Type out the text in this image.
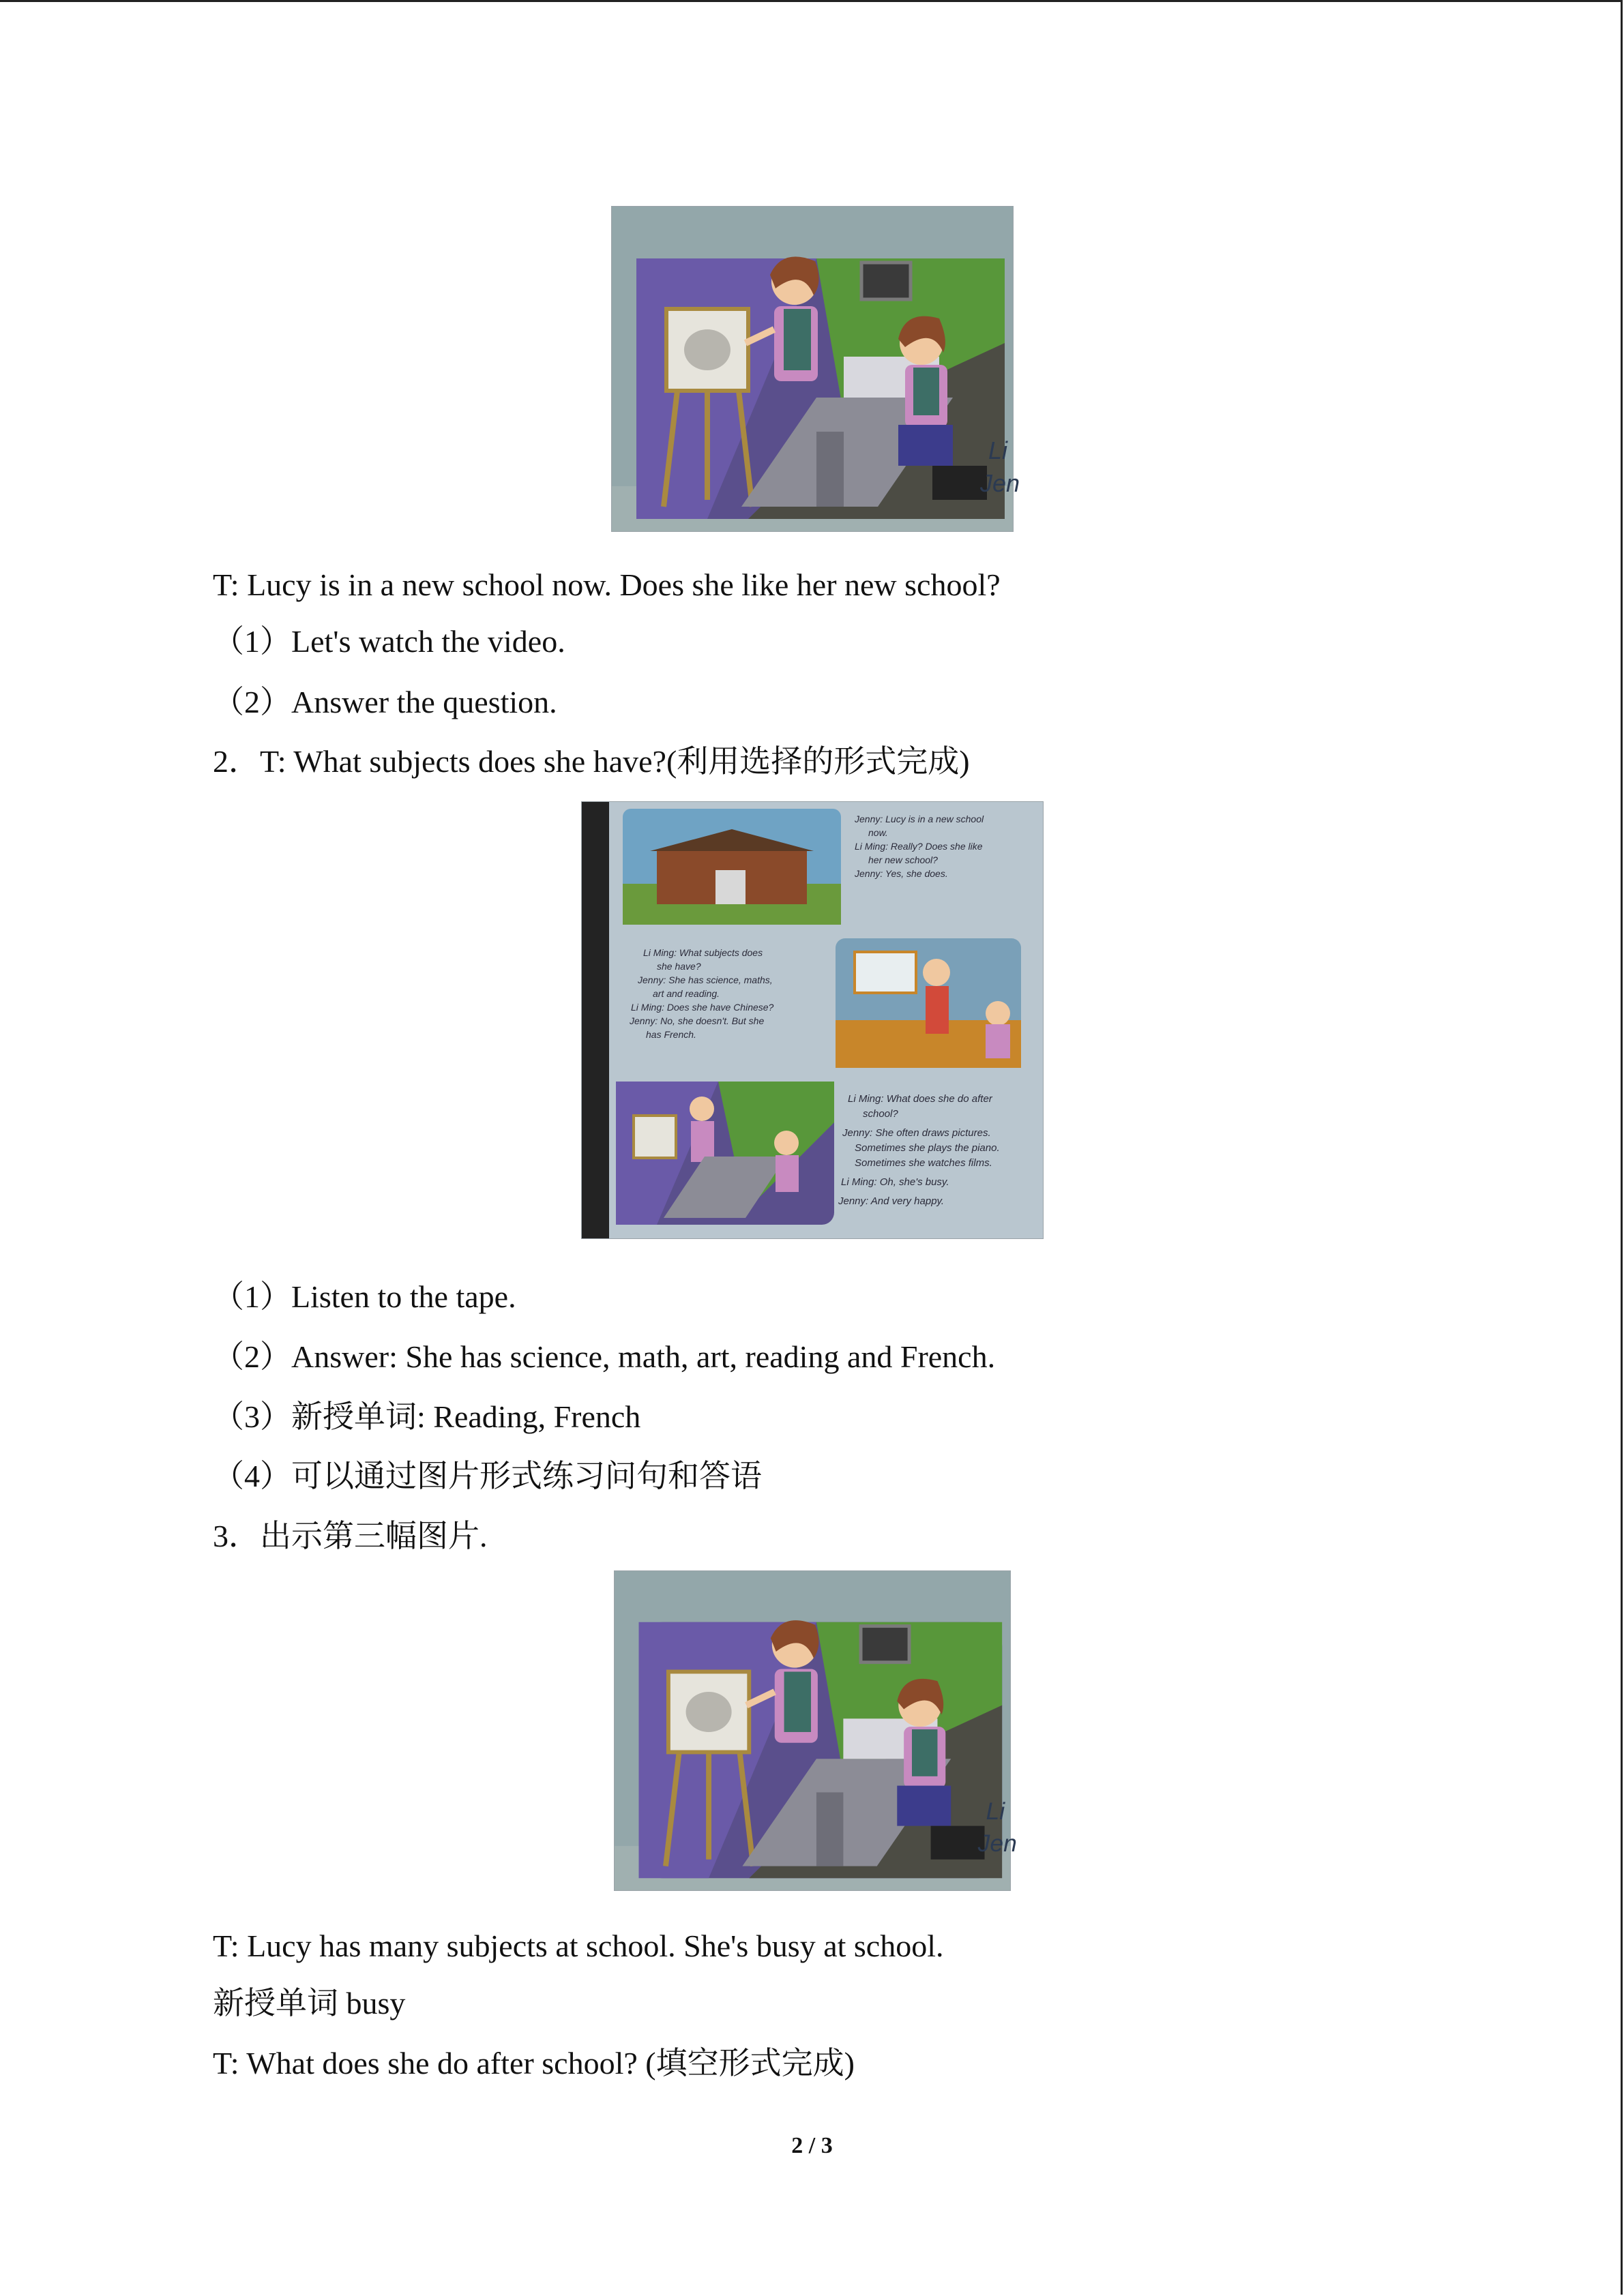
Li
Jen
T: Lucy is in a new school now. Does she like her new school?
（1）Let's watch the video.
（2）Answer the question.
2．T: What subjects does she have?(利用选择的形式完成)
Jenny: Lucy is in a new school
now.
Li Ming: Really? Does she like
her new school?
Jenny: Yes, she does.
Li Ming: What subjects does
she have?
Jenny: She has science, maths,
art and reading.
Li Ming: Does she have Chinese?
Jenny: No, she doesn't. But she
has French.
Li Ming: What does she do after
school?
Jenny: She often draws pictures.
Sometimes she plays the piano.
Sometimes she watches films.
Li Ming: Oh, she's busy.
Jenny: And very happy.
（1）Listen to the tape.
（2）Answer: She has science, math, art, reading and French.
（3）新授单词: Reading, French
（4）可以通过图片形式练习问句和答语
3．出示第三幅图片.
Li
Jen
T: Lucy has many subjects at school. She's busy at school.
新授单词 busy
T: What does she do after school? (填空形式完成)
2 / 3
